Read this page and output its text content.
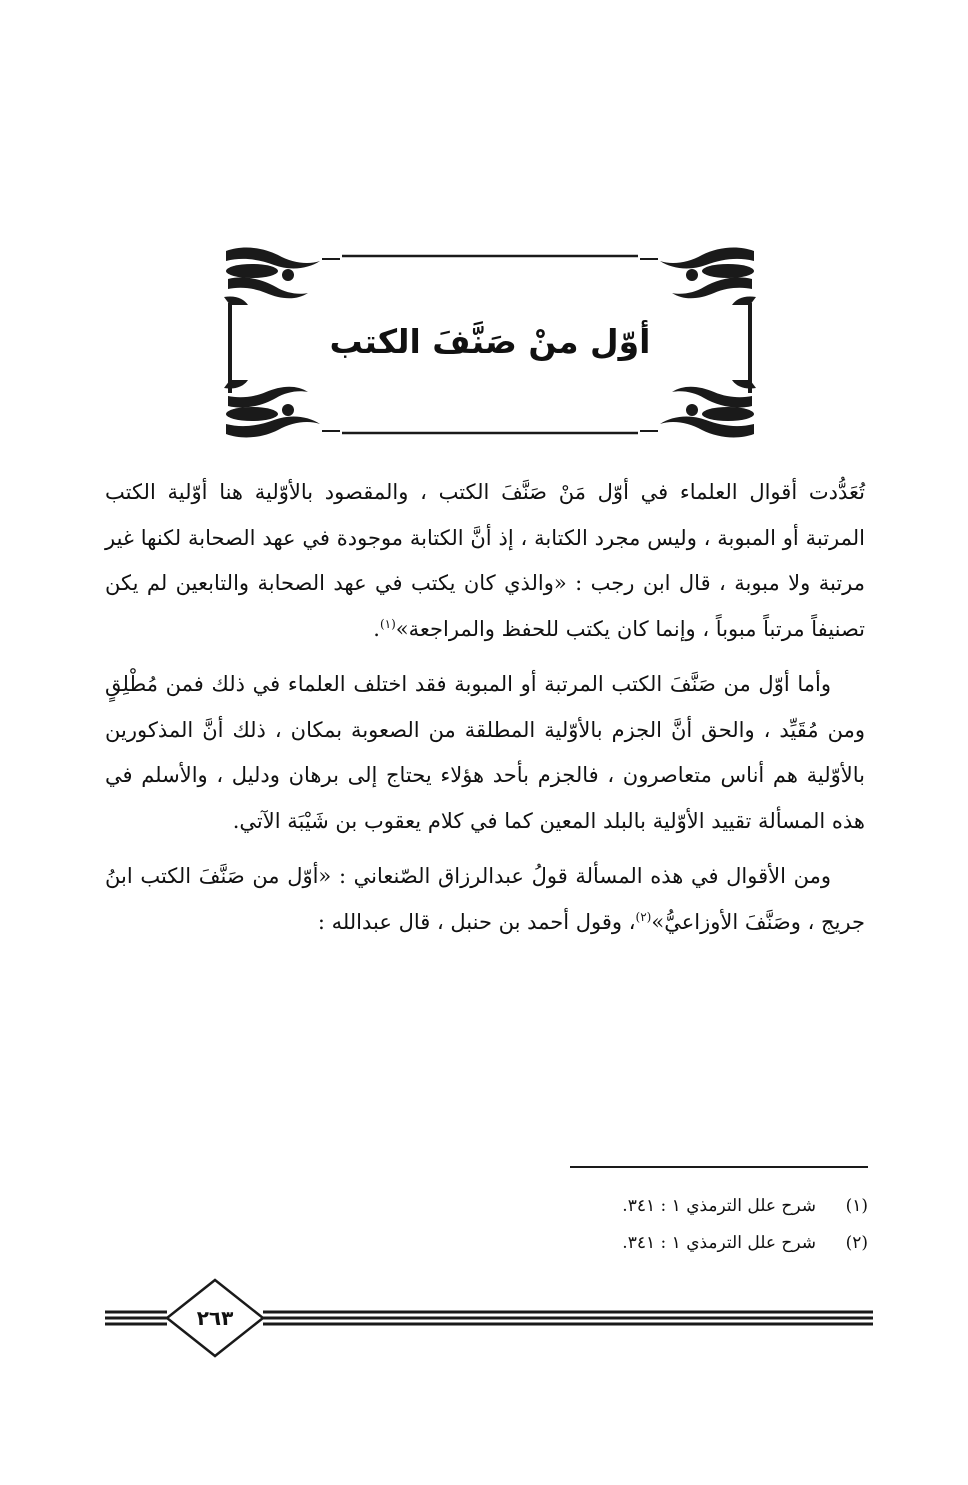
أوّل منْ صَنَّفَ الكتب

تُعَدُّدت أقوال العلماء في أوّل مَنْ صَنَّفَ الكتب ، والمقصود بالأوّلية هنا أوّلية الكتب المرتبة أو المبوبة ، وليس مجرد الكتابة ، إذ أنَّ الكتابة موجودة في عهد الصحابة لكنها غير مرتبة ولا مبوبة ، قال ابن رجب : «والذي كان يكتب في عهد الصحابة والتابعين لم يكن تصنيفاً مرتباً مبوباً ، وإنما كان يكتب للحفظ والمراجعة»$^{(١)}$.

وأما أوّل من صَنَّفَ الكتب المرتبة أو المبوبة فقد اختلف العلماء في ذلك فمن مُطْلِقٍ ومن مُقَيِّد ، والحق أنَّ الجزم بالأوّلية المطلقة من الصعوبة بمكان ، ذلك أنَّ المذكورين بالأوّلية هم أناس متعاصرون ، فالجزم بأحد هؤلاء يحتاج إلى برهان ودليل ، والأسلم في هذه المسألة تقييد الأوّلية بالبلد المعين كما في كلام يعقوب بن شَيْبَة الآتي.

ومن الأقوال في هذه المسألة قولُ عبدالرزاق الصّنعاني : «أوّل من صَنَّفَ الكتب ابنُ جريج ، وصَنَّفَ الأوزاعيُّ»$^{(٢)}$، وقول أحمد بن حنبل ، قال عبدالله :

(١)
شرح علل الترمذي ١ : ٣٤١.
(٢)
شرح علل الترمذي ١ : ٣٤١.
٢٦٣
